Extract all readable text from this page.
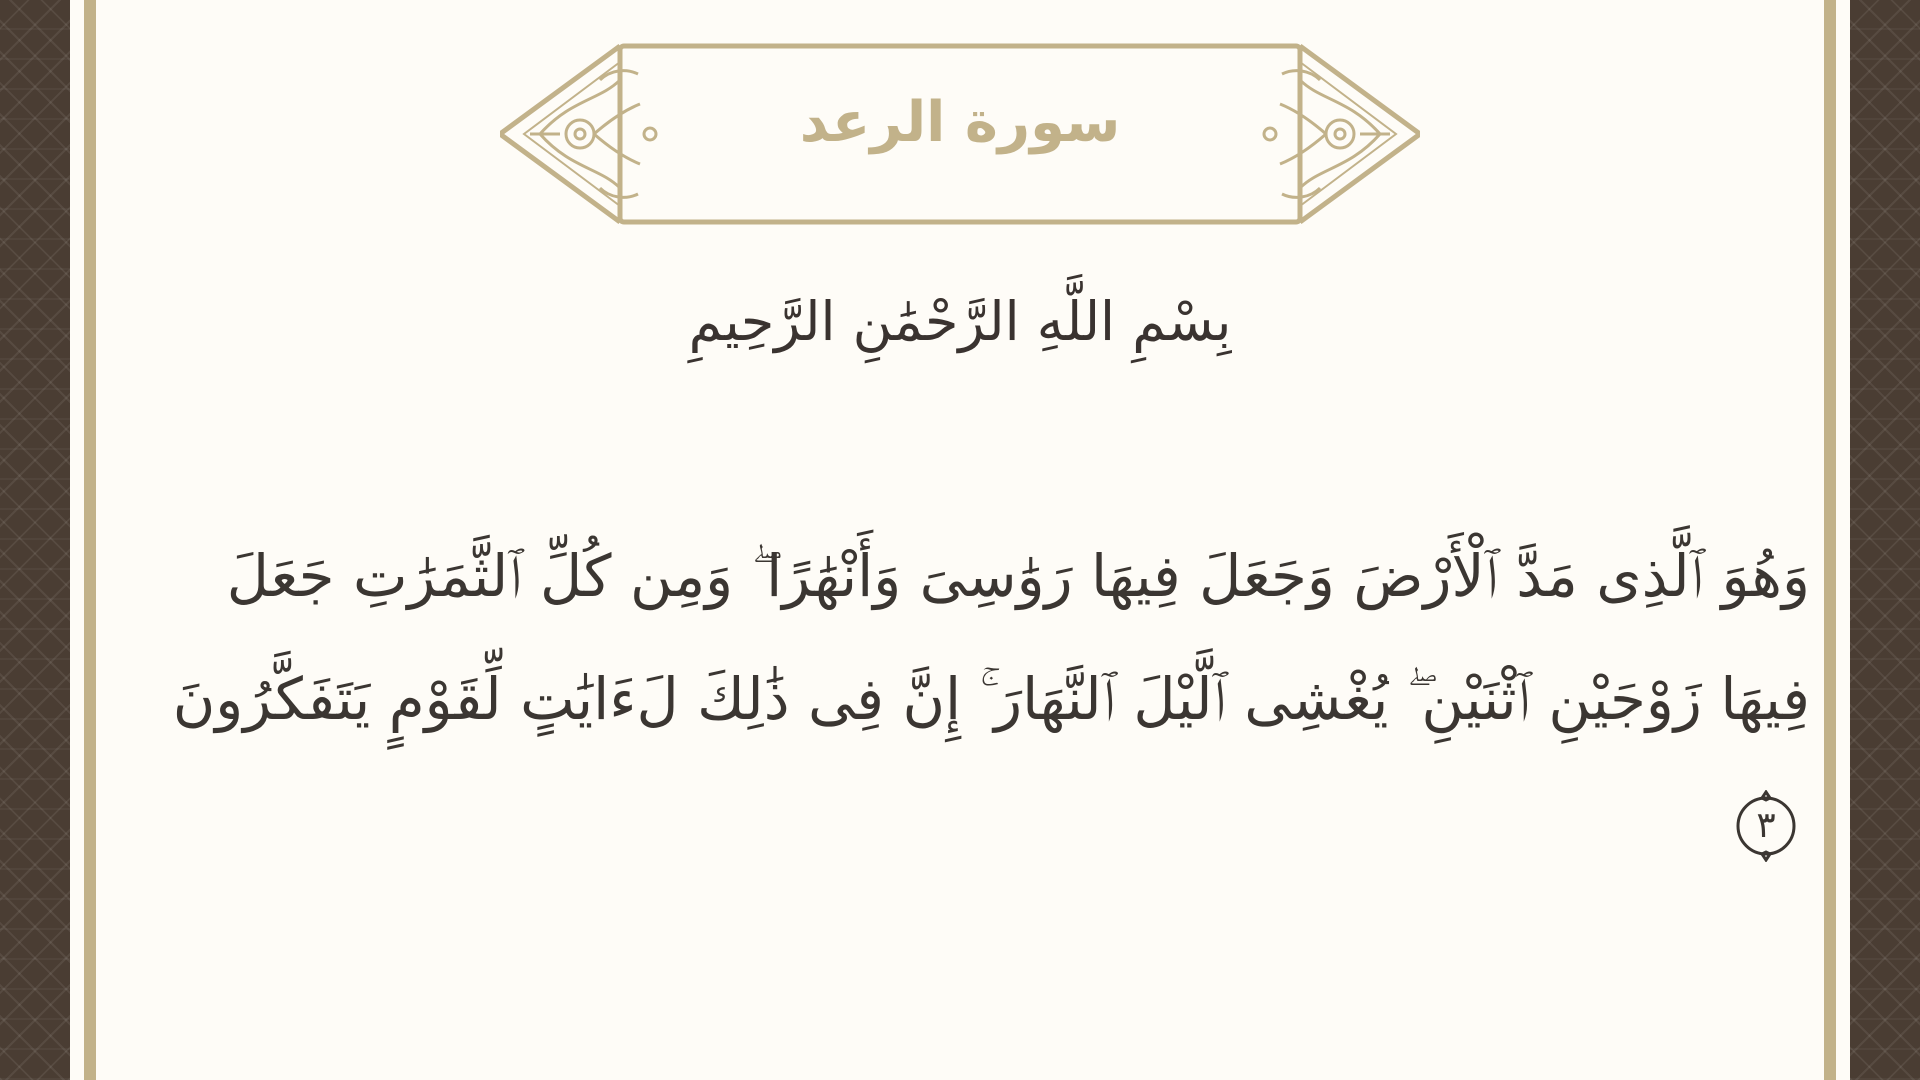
سورة الرعد
بِسْمِ اللَّهِ الرَّحْمَٰنِ الرَّحِيمِ
وَهُوَ ٱلَّذِى مَدَّ ٱلْأَرْضَ وَجَعَلَ فِيهَا رَوَٰسِىَ وَأَنْهَٰرًا ۖ وَمِن كُلِّ ٱلثَّمَرَٰتِ جَعَلَ فِيهَا زَوْجَيْنِ ٱثْنَيْنِ ۖ يُغْشِى ٱلَّيْلَ ٱلنَّهَارَ ۚ إِنَّ فِى ذَٰلِكَ لَءَايَٰتٍ لِّقَوْمٍ يَتَفَكَّرُونَ
٣
